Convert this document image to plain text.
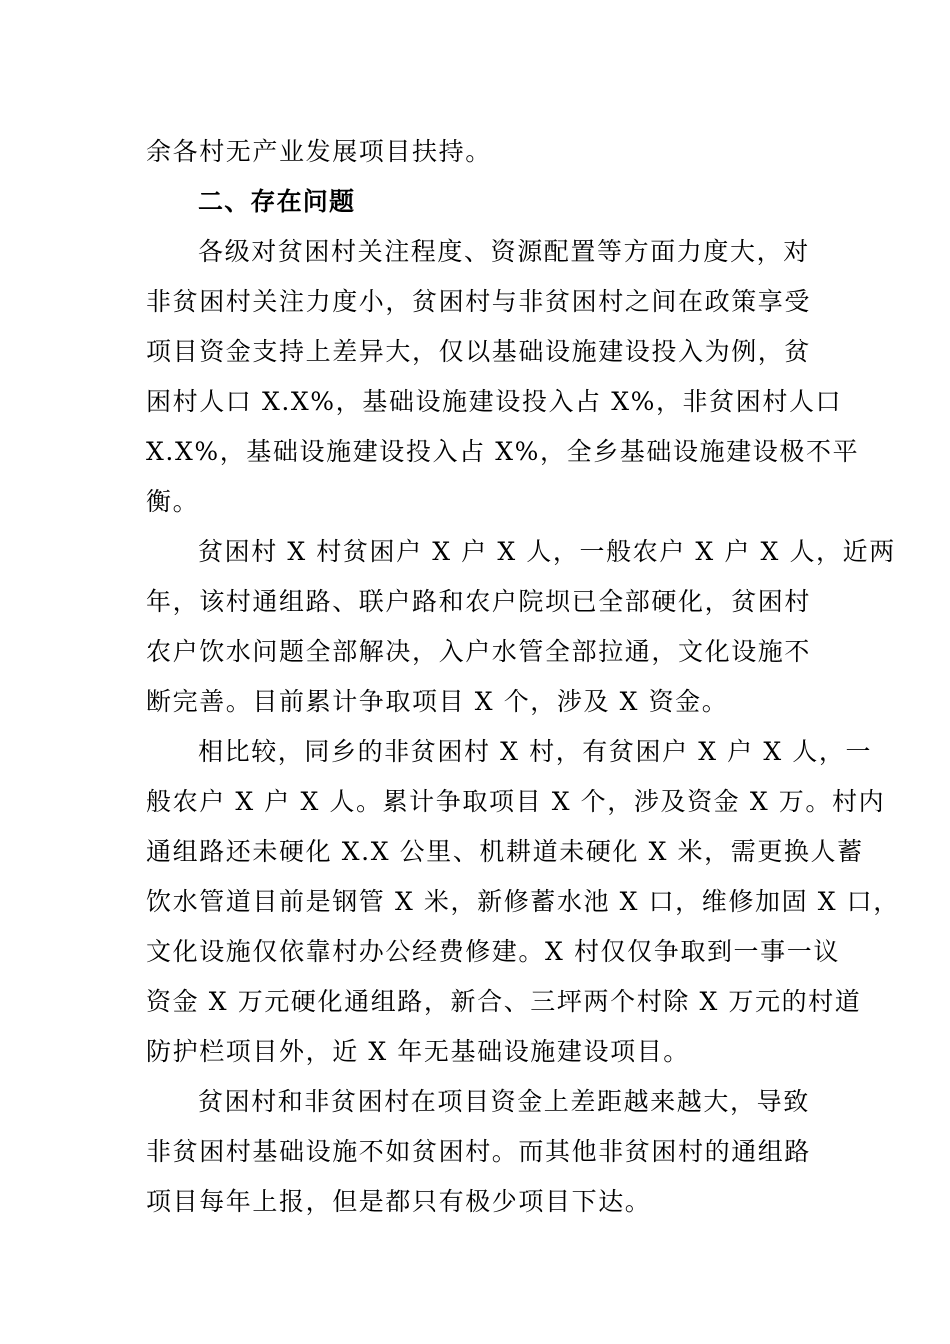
余各村无产业发展项目扶持。
二、存在问题
各级对贫困村关注程度、资源配置等方面力度大，对
非贫困村关注力度小，贫困村与非贫困村之间在政策享受
项目资金支持上差异大，仅以基础设施建设投入为例，贫
困村人口 X.X%，基础设施建设投入占 X%，非贫困村人口
X.X%，基础设施建设投入占 X%，全乡基础设施建设极不平
衡。
贫困村 X 村贫困户 X 户 X 人，一般农户 X 户 X 人，近两
年，该村通组路、联户路和农户院坝已全部硬化，贫困村
农户饮水问题全部解决，入户水管全部拉通，文化设施不
断完善。目前累计争取项目 X 个，涉及 X 资金。
相比较，同乡的非贫困村 X 村，有贫困户 X 户 X 人，一
般农户 X 户 X 人。累计争取项目 X 个，涉及资金 X 万。村内
通组路还未硬化 X.X 公里、机耕道未硬化 X 米，需更换人蓄
饮水管道目前是钢管 X 米，新修蓄水池 X 口，维修加固 X 口，
文化设施仅依靠村办公经费修建。X 村仅仅争取到一事一议
资金 X 万元硬化通组路，新合、三坪两个村除 X 万元的村道
防护栏项目外，近 X 年无基础设施建设项目。
贫困村和非贫困村在项目资金上差距越来越大，导致
非贫困村基础设施不如贫困村。而其他非贫困村的通组路
项目每年上报，但是都只有极少项目下达。
